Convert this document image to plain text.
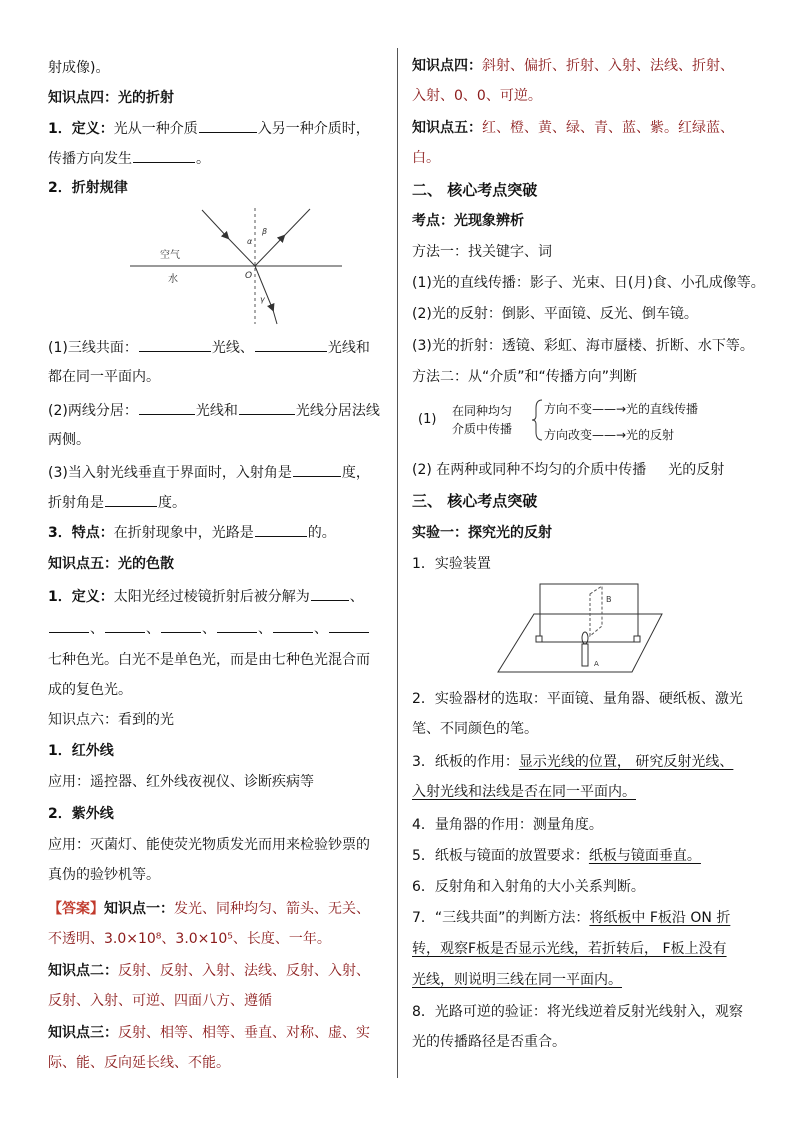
射成像)。
知识点四：光的折射
1．定义：光从一种介质	入另一种介质时，
传播方向发生	。
2．折射规律
空气
水	O
α
β
γ
(1)三线共面：	光线、	光线和
都在同一平面内。
(2)两线分居：	光线和	光线分居法线
两侧。
(3)当入射光线垂直于界面时，入射角是	度，
折射角是	度。
3．特点：在折射现象中，光路是	的。
知识点五：光的色散
1．定义：太阳光经过棱镜折射后被分解为	、
、	、	、	、	、
七种色光。白光不是单色光，而是由七种色光混合而
成的复色光。
知识点六：看到的光
1．红外线
应用：遥控器、红外线夜视仪、诊断疾病等
2．紫外线
应用：灭菌灯、能使荧光物质发光而用来检验钞票的
真伪的验钞机等。
【答案】知识点一：发光、同种均匀、箭头、无关、
不透明、3.0×10⁸、3.0×10⁵、长度、一年。
知识点二：反射、反射、入射、法线、反射、入射、
反射、入射、可逆、四面八方、遵循
知识点三：反射、相等、相等、垂直、对称、虚、实
际、能、反向延长线、不能。
知识点四：斜射、偏折、折射、入射、法线、折射、
入射、0、0、可逆。
知识点五：红、橙、黄、绿、青、蓝、紫。红绿蓝、
白。
二、 核心考点突破
考点：光现象辨析
方法一：找关键字、词
(1)光的直线传播：影子、光束、日(月)食、小孔成像等。
(2)光的反射：倒影、平面镜、反光、倒车镜。
(3)光的折射：透镜、彩虹、海市蜃楼、折断、水下等。
方法二：从“介质”和“传播方向”判断
(1)
在同种均匀
介质中传播
方向不变——→光的直线传播
方向改变——→光的反射
(2) 在两种或同种不均匀的介质中传播 光的反射
三、 核心考点突破
实验一：探究光的反射
1．实验装置
B
A
2．实验器材的选取：平面镜、量角器、硬纸板、激光
笔、不同颜色的笔。
3．纸板的作用：显示光线的位置， 研究反射光线、
入射光线和法线是否在同一平面内。
4．量角器的作用：测量角度。
5．纸板与镜面的放置要求：纸板与镜面垂直。
6．反射角和入射角的大小关系判断。
7．“三线共面”的判断方法：将纸板中 F板沿 ON 折
转，观察F板是否显示光线，若折转后， F板上没有
光线，则说明三线在同一平面内。
8．光路可逆的验证：将光线逆着反射光线射入，观察
光的传播路径是否重合。
